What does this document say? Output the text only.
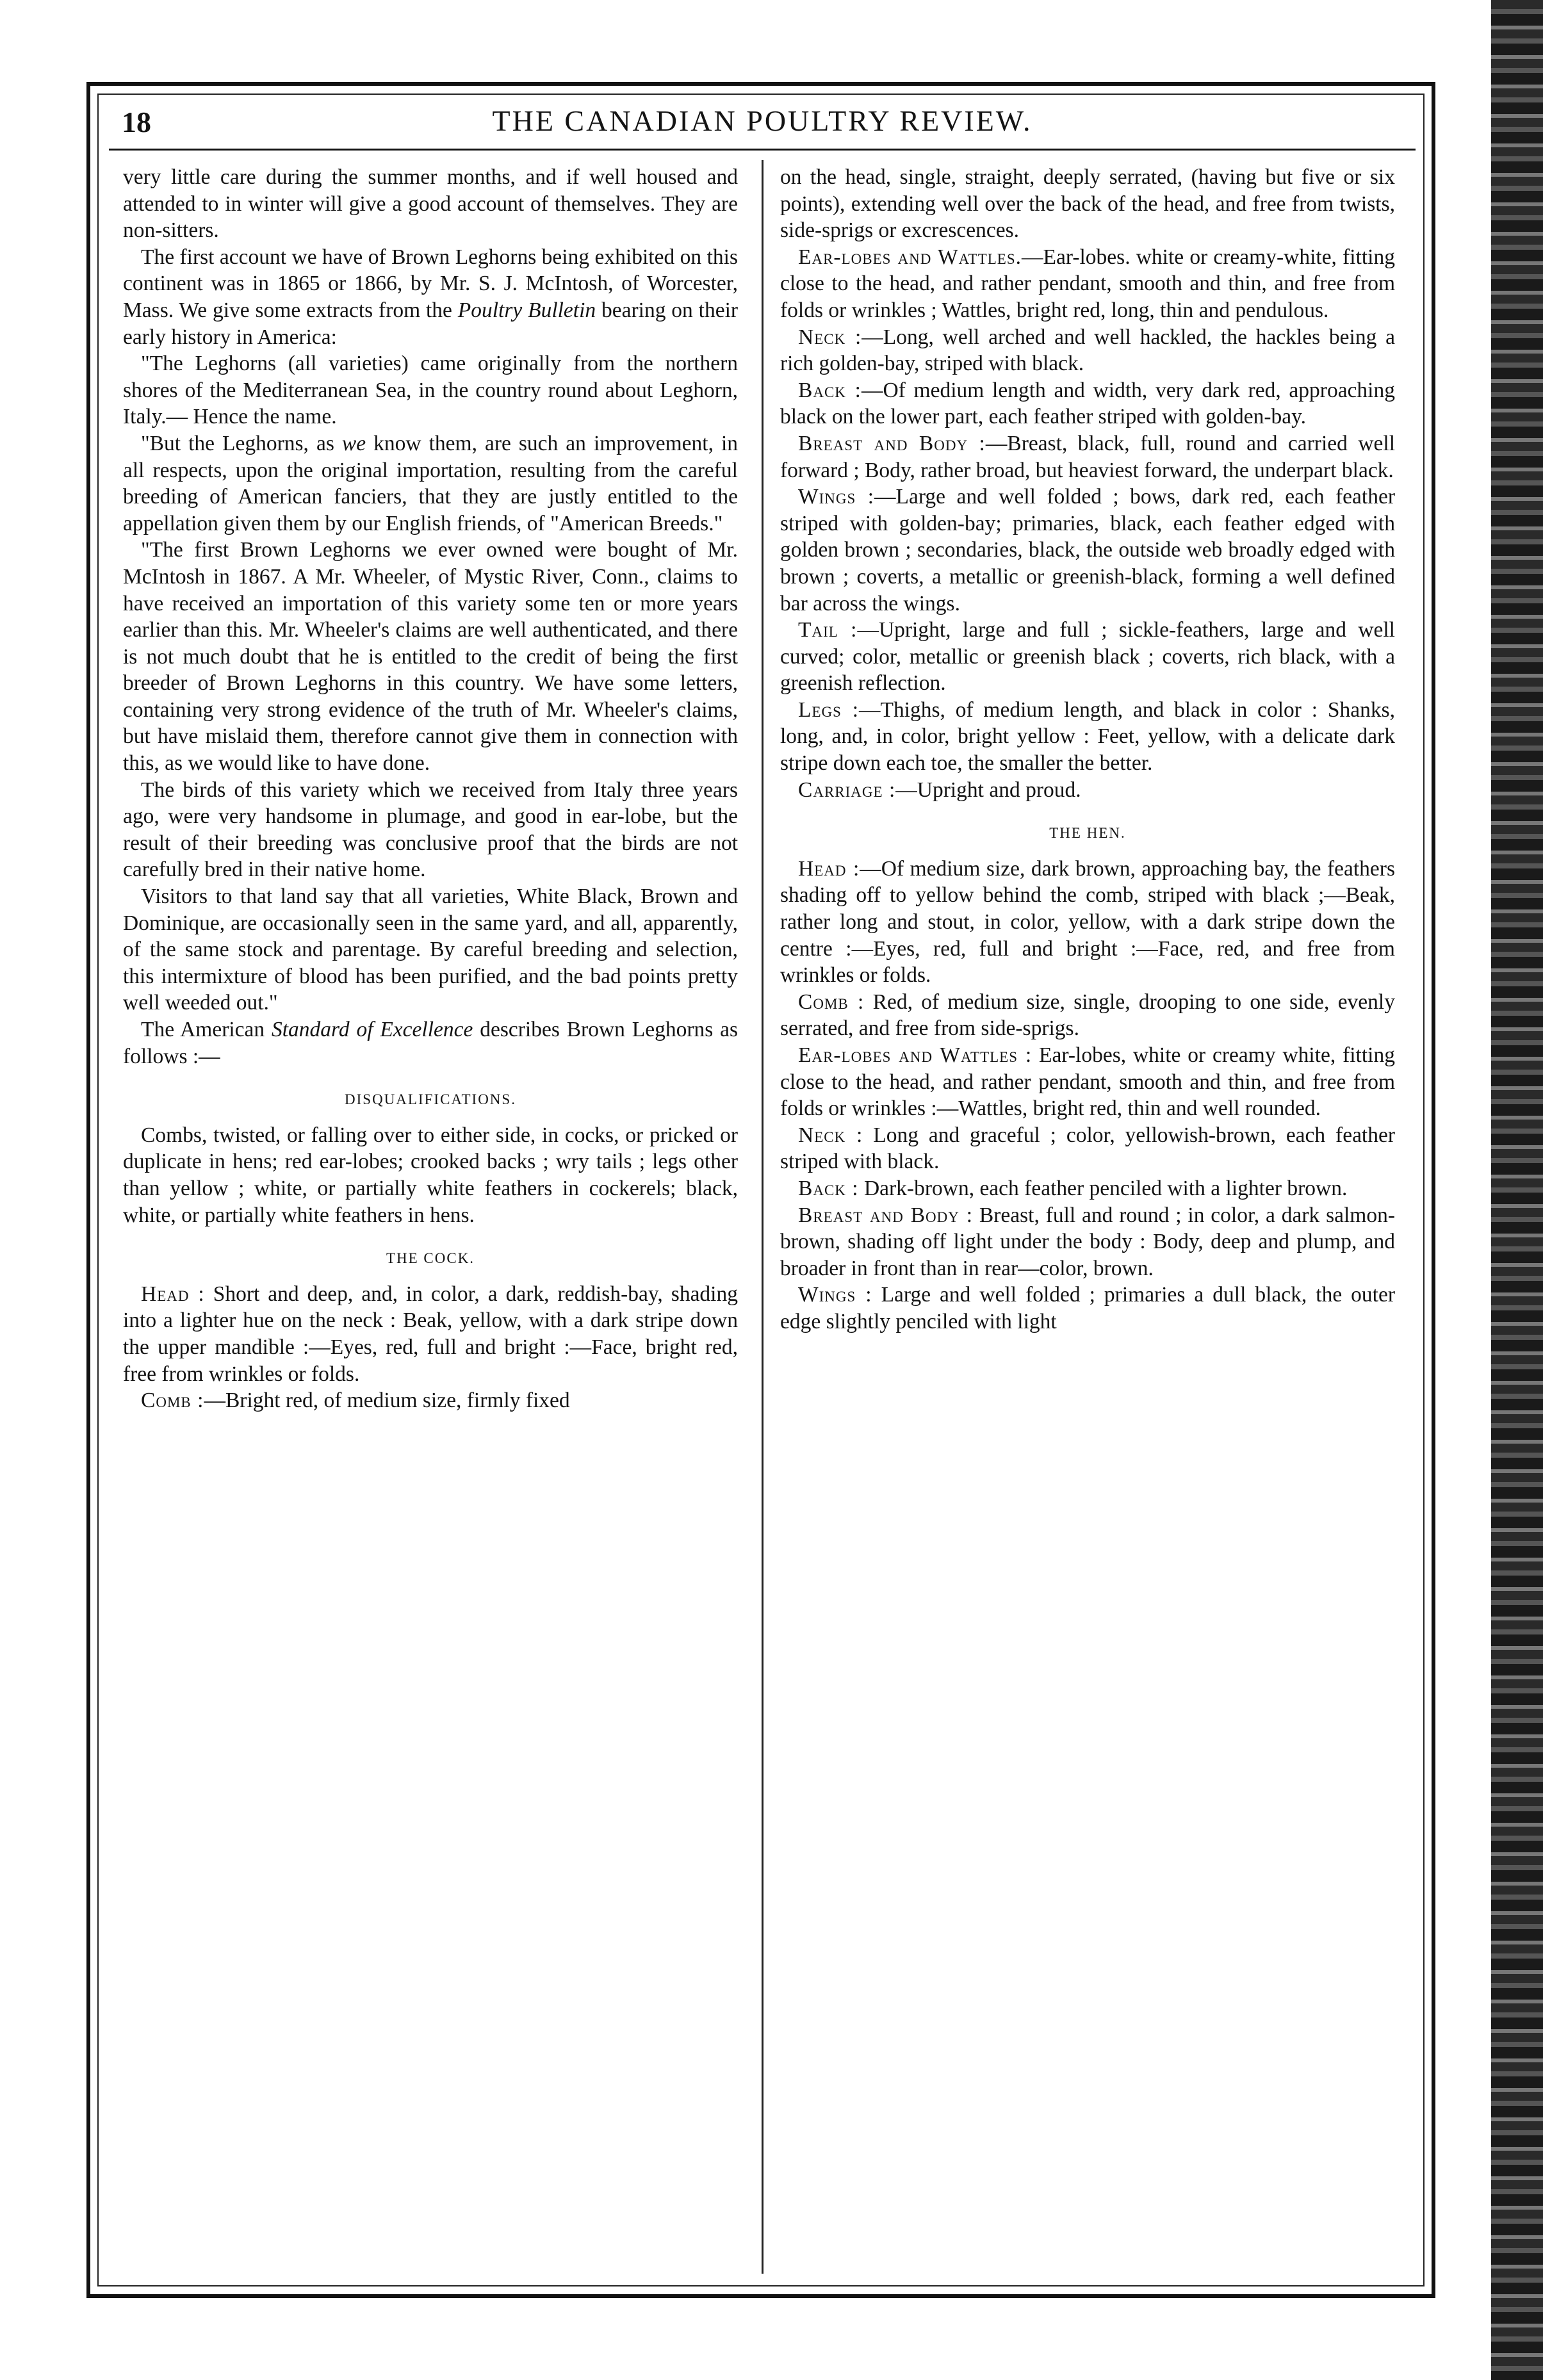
18	THE CANADIAN POULTRY REVIEW.

very little care during the summer months, and if well housed and attended to in winter will give a good account of themselves. They are non-sitters.

The first account we have of Brown Leghorns being exhibited on this continent was in 1865 or 1866, by Mr. S. J. McIntosh, of Worcester, Mass. We give some extracts from the Poultry Bulletin bearing on their early history in America:

"The Leghorns (all varieties) came originally from the northern shores of the Mediterranean Sea, in the country round about Leghorn, Italy.— Hence the name.

"But the Leghorns, as we know them, are such an improvement, in all respects, upon the original importation, resulting from the careful breeding of American fanciers, that they are justly entitled to the appellation given them by our English friends, of "American Breeds."

"The first Brown Leghorns we ever owned were bought of Mr. McIntosh in 1867. A Mr. Wheeler, of Mystic River, Conn., claims to have received an importation of this variety some ten or more years earlier than this. Mr. Wheeler's claims are well authenticated, and there is not much doubt that he is entitled to the credit of being the first breeder of Brown Leghorns in this country. We have some letters, containing very strong evidence of the truth of Mr. Wheeler's claims, but have mislaid them, therefore cannot give them in connection with this, as we would like to have done.

The birds of this variety which we received from Italy three years ago, were very handsome in plumage, and good in ear-lobe, but the result of their breeding was conclusive proof that the birds are not carefully bred in their native home.

Visitors to that land say that all varieties, White Black, Brown and Dominique, are occasionally seen in the same yard, and all, apparently, of the same stock and parentage. By careful breeding and selection, this intermixture of blood has been purified, and the bad points pretty well weeded out."

The American Standard of Excellence describes Brown Leghorns as follows :—

DISQUALIFICATIONS.

Combs, twisted, or falling over to either side, in cocks, or pricked or duplicate in hens; red ear-lobes; crooked backs ; wry tails ; legs other than yellow ; white, or partially white feathers in cockerels; black, white, or partially white feathers in hens.

THE COCK.

Head : Short and deep, and, in color, a dark, reddish-bay, shading into a lighter hue on the neck : Beak, yellow, with a dark stripe down the upper mandible :—Eyes, red, full and bright :—Face, bright red, free from wrinkles or folds.

Comb :—Bright red, of medium size, firmly fixed

on the head, single, straight, deeply serrated, (having but five or six points), extending well over the back of the head, and free from twists, side-sprigs or excrescences.

Ear-lobes and Wattles.—Ear-lobes. white or creamy-white, fitting close to the head, and rather pendant, smooth and thin, and free from folds or wrinkles ; Wattles, bright red, long, thin and pendulous.

Neck :—Long, well arched and well hackled, the hackles being a rich golden-bay, striped with black.

Back :—Of medium length and width, very dark red, approaching black on the lower part, each feather striped with golden-bay.

Breast and Body :—Breast, black, full, round and carried well forward ; Body, rather broad, but heaviest forward, the underpart black.

Wings :—Large and well folded ; bows, dark red, each feather striped with golden-bay; primaries, black, each feather edged with golden brown ; secondaries, black, the outside web broadly edged with brown ; coverts, a metallic or greenish-black, forming a well defined bar across the wings.

Tail :—Upright, large and full ; sickle-feathers, large and well curved; color, metallic or greenish black ; coverts, rich black, with a greenish reflection.

Legs :—Thighs, of medium length, and black in color : Shanks, long, and, in color, bright yellow : Feet, yellow, with a delicate dark stripe down each toe, the smaller the better.

Carriage :—Upright and proud.

THE HEN.

Head :—Of medium size, dark brown, approaching bay, the feathers shading off to yellow behind the comb, striped with black ;—Beak, rather long and stout, in color, yellow, with a dark stripe down the centre :—Eyes, red, full and bright :—Face, red, and free from wrinkles or folds.

Comb : Red, of medium size, single, drooping to one side, evenly serrated, and free from side-sprigs.

Ear-lobes and Wattles : Ear-lobes, white or creamy white, fitting close to the head, and rather pendant, smooth and thin, and free from folds or wrinkles :—Wattles, bright red, thin and well rounded.

Neck : Long and graceful ; color, yellowish-brown, each feather striped with black.

Back : Dark-brown, each feather penciled with a lighter brown.

Breast and Body : Breast, full and round ; in color, a dark salmon-brown, shading off light under the body : Body, deep and plump, and broader in front than in rear—color, brown.

Wings : Large and well folded ; primaries a dull black, the outer edge slightly penciled with light
